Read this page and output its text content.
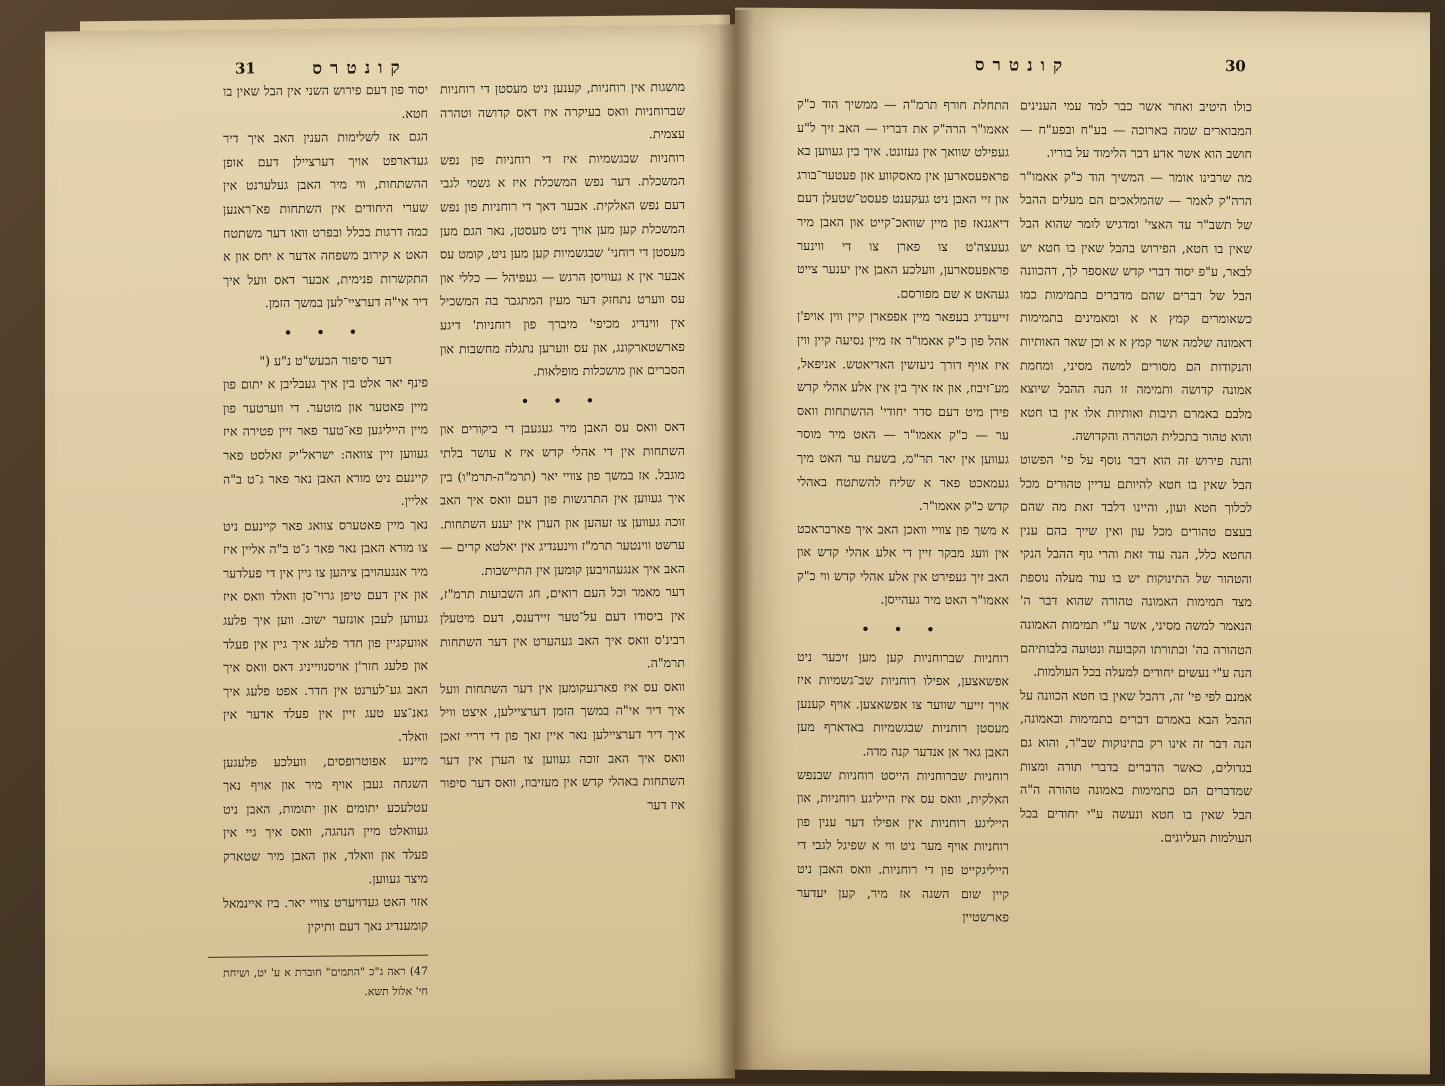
31	קונטרס

מושגות אין רוחניות, קענען ניט מעסטן די רוחניות שברוחניות וואס בעיקרה איז דאס קדושה וטהרה עצמית.

רוחניות שבגשמיות איז די רוחניות פון נפש המשכלת. דער נפש המשכלת איז א גשמי לגבי דעם נפש האלקית. אבער דאך די רוחניות פון נפש המשכלת קען מען אויך ניט מעסטן, נאר הגם מען מעסטן די רוחני' שבגשמיות קען מען ניט, קומט עס אבער אין א געוויסן הרגש — געפיהל — כללי און עס ווערט נתחזק דער מעין המתגבר בה המשכיל אין ווינדיג מכיפי' מיברך פון רוחניות' דיגע פארשטארקונג, און עס ווערען נתגלה מחשבות און הסברים און מושכלות מופלאות.

• • •

דאס וואס עס האבן מיר געגעבן די ביקורים און השתחות אין די אהלי קדש איז א עושר בלתי מוגבל. אז במשך פון צוויי יאר (תרמ"ה-תרמ"ו) בין איך געווען אין התרגשות פון דעם וואס איך האב זוכה געווען צו זעהען און הערן אין יענע השתחות. ערשט ווינטער תרמ"ז ווינענדיג אין יאלטא קרים — האב איך אנגעהויבען קומען אין התיישבות.

דער מאמר וכל העם רואים, חג השבועות תרמ"ז, אין ביסודו דעם על־טער זיידענס, דעם מיטעלן רבינ'ס וואס איך האב געהערט אין דער השתחות תרמ"ה.

וואס עס איז פארגעקומען אין דער השתחות וועל איך דיר אי"ה במשך הזמן דערציילען, איצט וויל איך דיר דערציילען נאר איין זאך פון די דריי זאכן וואס איך האב זוכה געווען צו הערן אין דער השתחות באהלי קדש אין מעזיבוז, וואס דער סיפור איז דער

יסוד פון דעם פירוש השני אין הבל שאין בו חטא.

הגם אז לשלימות הענין האב איך דיר געדארפט אויך דערציילן דעם אופן ההשתחות, ווי מיר האבן געלערנט אין שערי היחודים אין השתחות פא־ראנען כמה דרגות בכלל ובפרט וואו דער משתטח האט א קירוב משפחה אדער א יחס און א התקשרות פנימית, אבער דאס וועל איך דיר אי"ה דערציי־לען במשך הזמן.

• • •

דער סיפור הבעש"ט נ"ע ("

פינף יאר אלט בין איך געבליבן א יתום פון מיין פאטער און מוטער. די ווערטער פון מיין הייליגען פא־טער פאר זיין פטירה איז געווען זיין צוואה: ישראל'יק זאלסט פאר קיינעם ניט מורא האבן נאר פאר ג־ט ב"ה אליין.

נאך מיין פאטערס צוואג פאר קיינעם ניט צו מורא האבן נאר פאר ג־ט ב"ה אליין איז מיר אנגעהויבן ציהען צו גיין אין די פעלדער און אין דעם טיפן גרוי־סן וואלד וואס איז געווען לעבן אונזער ישוב. ווען איך פלעג אוועקגיין פון חדר פלעג איך גיין אין פעלד און פלעג חזר'ן אויסנווייניג דאס וואס איך האב גע־לערנט אין חדר. אפט פלעג איך גאנ־צע טעג זיין אין פעלד אדער אין וואלד.

מיינע אפוטרופסים, וועלכע פלעגען השגחה געבן אויף מיר און אויף נאך עטלעכע יתומים און יתומות, האבן ניט געוואלט מיין הנהגה, וואס איך גיי אין פעלד און וואלד, און האבן מיר שטארק מיצר געווען.

אזוי האט געדויערט צוויי יאר. ביז איינמאל קומענדיג נאך דעם ותיקין

47) ראה ג"כ "התמים" חוברת א ע' יט, ושיחת חי' אלול תשא.

30
קונטרס

כולו היטיב ואחר אשר כבר למד עמי הענינים המבוארים שמה בארוכה — בע"ח ובפע"ח — חושב הוא אשר אדע דבר הלימוד על בוריו.

מה שרבינו אומר — המשיך הוד כ"ק אאמו"ר הרה"ק לאמר — שהמלאכים הם מעלים ההבל של תשב"ר עד האצי' ומדגיש לומר שהוא הבל שאין בו חטא, הפירוש בהבל שאין בו חטא יש לבאר, ע"פ יסוד דברי קדש שאספר לך, דהכוונה הבל של דברים שהם מדברים בתמימות כמו כשאומרים קמץ א א ומאמינים בתמימות דאמונה שלמה אשר קמץ א א וכן שאר האותיות והנקודות הם מסורים למשה מסיני, ומחמת אמונה קדושה ותמימה זו הנה ההבל שיוצא מלבם באמרם תיבות ואותיות אלו אין בו חטא והוא טהור בתכלית הטהרה והקדושה.

והנה פירוש זה הוא דבר נוסף על פי' הפשוט הבל שאין בו חטא להיותם עדיין טהורים מכל לכלוך חטא ועון, והיינו דלבד זאת מה שהם בעצם טהורים מכל עון ואין שייך בהם ענין החטא כלל, הנה עוד זאת והרי גוף ההבל הנקי והטהור של התינוקות יש בו עוד מעלה נוספת מצד תמימות האמונה טהורה שהוא דבר ה' הנאמר למשה מסיני, אשר ע"י תמימות האמונה הטהורה בה' ובתורתו הקבועה ונטועה בלבותיהם הנה ע"י נעשים יחודים למעלה בכל העולמות.

אמנם לפי פי' זה, דהבל שאין בו חטא הכוונה על ההבל הבא באמרם דברים בתמימות ובאמונה, הנה דבר זה אינו רק בתינוקות שב"ר, והוא גם בגדולים, כאשר הדברים בדברי תורה ומצות שמדברים הם בתמימות באמונה טהורה ה"ה הבל שאין בו חטא ונעשה ע"י יחודים בכל העולמות העליונים.

התחלת חורף תרמ"ה — ממשיך הוד כ"ק אאמו"ר הרה"ק את דבריו — האב זיך ל"ע געפילט שוואך אין געזונט. איך בין געווען בא פראפעסארען אין מאסקווע און פעטער־בורג און זיי האבן ניט געקענט פעסט־שטעלן דעם דיאגנאז פון מיין שוואכ־קייט און האבן מיר געעצה'ט צו פארן צו די ווינער פראפעסארען, וועלכע האבן אין יענער צייט געהאט א שם מפורסם.

זייענדיג בעפאר מיין אפפארן קיין ווין אויפ'ן אהל פון כ"ק אאמו"ר אז מיין נסיעה קיין ווין איז אויף דורך ניעזשין האדיאטש. אניפאל, מע־זיבוז, און אז איך בין אין אלע אהלי קדש פירן מיט דעם סדר יחודי' ההשתחות וואס ער — כ"ק אאמו"ר — האט מיר מוסר געווען אין יאר תר"מ, בשעת ער האט מיך געמאכט פאר א שליח להשתטח באהלי קדש כ"ק אאמו"ר.

א משך פון צוויי וואכן האב איך פארבראכט אין וועג מבקר זיין די אלע אהלי קדש און האב זיך געפירט אין אלע אהלי קדש ווי כ"ק אאמו"ר האט מיר געהייסן.

• • •

רוחניות שברוחניות קען מען זיכער ניט אפשאצען, אפילו רוחניות שב־גשמיות איז אויך זייער שווער צו אפשאצען. אויף קענען מעסטן רוחניות שבגשמיות באדארף מען האבן גאר אן אנדער קנה מדה.

רוחניות שברוחניות הייסט רוחניות שבנפש האלקית, וואס עס איז הייליגע רוחניות, און הייליגע רוחניות אין אפילו דער ענין פון רוחניות אויף מער ניט ווי א שפיגל לגבי די הייליגקייט פון די רוחניות. וואס האבן ניט קיין שום השגה אז מיר, קען יעדער פארשטיין
